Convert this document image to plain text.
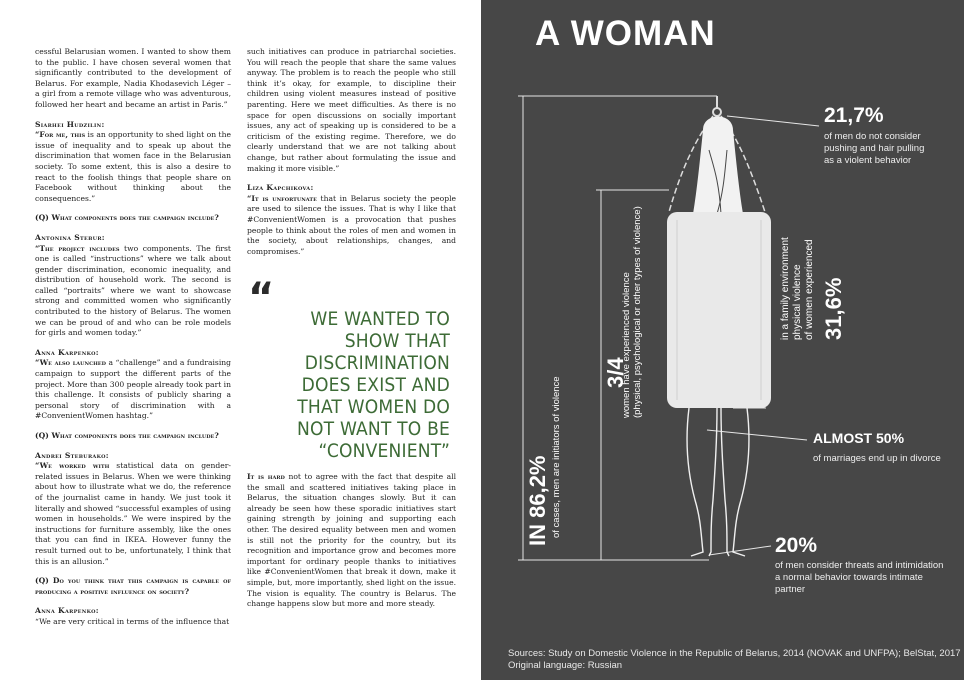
cessful Belarusian women. I wanted to show them to the public. I have chosen several women that significantly contributed to the development of Belarus. For example, Nadia Khodasevich Léger – a girl from a remote village who was adventurous, followed her heart and became an artist in Paris.”

Siarhei Hudzilin:

“For me, this is an opportunity to shed light on the issue of inequality and to speak up about the discrimination that women face in the Belarusian society. To some extent, this is also a desire to react to the foolish things that people share on Facebook without thinking about the consequences.”

(Q) What components does the campaign include?

Antonina Stebur:

“The project includes two components. The first one is called “instructions” where we talk about gender discrimination, economic inequality, and distribution of household work. The second is called “portraits” where we want to showcase strong and committed women who significantly contributed to the history of Belarus. The women we can be proud of and who can be role models for girls and women today.”

Anna Karpenko:

“We also launched a “challenge” and a fundraising campaign to support the different parts of the project. More than 300 people already took part in this challenge. It consists of publicly sharing a personal story of discrimination with a #ConvenientWomen hashtag.”

(Q) What components does the campaign include?

Andrei Steburako:

“We worked with statistical data on gender-related issues in Belarus. When we were thinking about how to illustrate what we do, the reference of the journalist came in handy. We just took it literally and showed “successful examples of using women in households.” We were inspired by the instructions for furniture assembly, like the ones that you can find in IKEA. However funny the result turned out to be, unfortunately, I think that this is an allusion.”

(Q) Do you think that this campaign is capable of producing a positive influence on society?

Anna Karpenko:

“We are very critical in terms of the influence that

such initiatives can produce in patriarchal societies. You will reach the people that share the same values anyway. The problem is to reach the people who still think it’s okay, for example, to discipline their children using violent measures instead of positive parenting. Here we meet difficulties. As there is no space for open discussions on socially important issues, any act of speaking up is considered to be a criticism of the existing regime. Therefore, we do clearly understand that we are not talking about change, but rather about formulating the issue and making it more visible.”

Liza Kapchikova:

“It is unfortunate that in Belarus society the people are used to silence the issues. That is why I like that #ConvenientWomen is a provocation that pushes people to think about the roles of men and women in the society, about relationships, changes, and compromises.”

“	WE WANTED TO SHOW THAT DISCRIMINATION DOES EXIST AND THAT WOMEN DO NOT WANT TO BE “CONVENIENT”

It is hard not to agree with the fact that despite all the small and scattered initiatives taking place in Belarus, the situation changes slowly. But it can already be seen how these sporadic initiatives start gaining strength by joining and supporting each other. The desired equality between men and women is still not the priority for the country, but its recognition and importance grow and becomes more important for ordinary people thanks to initiatives like #ConvenientWomen that break it down, make it simple, but, more importantly, shed light on the issue. The vision is equality. The country is Belarus. The change happens slow but more and more steady.

A WOMAN
21,7%
of men do not consider pushing and hair pulling as a violent behavior
31,6%
of women experienced
physical violence
in a family environment
ALMOST 50%
of marriages end up in divorce
20%
of men consider threats and intimidation a normal behavior towards intimate partner
3/4
women have experienced violence (physical, psychological or other types of violence)
IN 86,2% of cases, men are initiators of violence
Sources: Study on Domestic Violence in the Republic of Belarus, 2014 (NOVAK and UNFPA); BelStat, 2017
Original language: Russian
